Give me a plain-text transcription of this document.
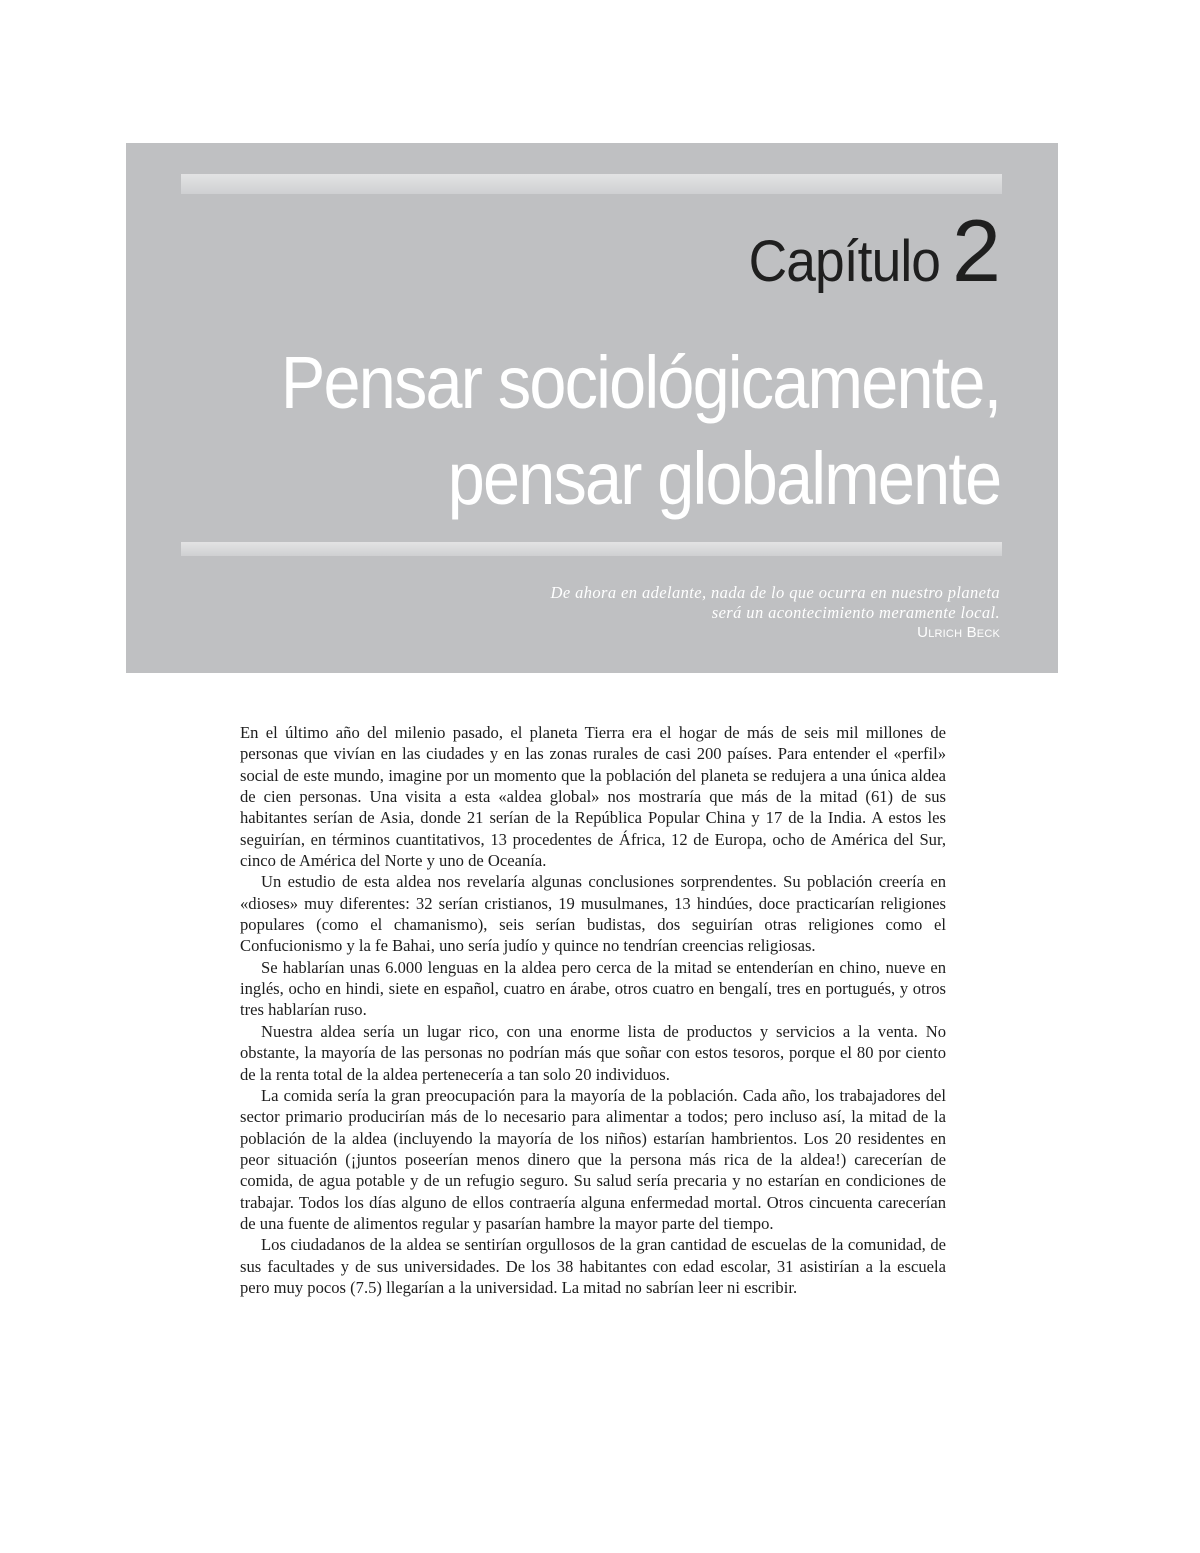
Capítulo 2
Pensar sociológicamente,
pensar globalmente
De ahora en adelante, nada de lo que ocurra en nuestro planeta
será un acontecimiento meramente local.
Ulrich Beck

En el último año del milenio pasado, el planeta Tierra era el hogar de más de seis mil millones de personas que vivían en las ciudades y en las zonas rurales de casi 200 países. Para entender el «perfil» social de este mundo, imagine por un momento que la población del planeta se redujera a una única aldea de cien personas. Una visita a esta «aldea global» nos mostraría que más de la mitad (61) de sus habitantes serían de Asia, donde 21 serían de la República Popular China y 17 de la India. A estos les seguirían, en términos cuantitativos, 13 procedentes de África, 12 de Europa, ocho de América del Sur, cinco de América del Norte y uno de Oceanía.

Un estudio de esta aldea nos revelaría algunas conclusiones sorprendentes. Su población creería en «dioses» muy diferentes: 32 serían cristianos, 19 musulmanes, 13 hindúes, doce practicarían religiones populares (como el chamanismo), seis serían budistas, dos seguirían otras religiones como el Confucionismo y la fe Bahai, uno sería judío y quince no tendrían creencias religiosas.

Se hablarían unas 6.000 lenguas en la aldea pero cerca de la mitad se entenderían en chino, nueve en inglés, ocho en hindi, siete en español, cuatro en árabe, otros cuatro en bengalí, tres en portugués, y otros tres hablarían ruso.

Nuestra aldea sería un lugar rico, con una enorme lista de productos y servicios a la venta. No obstante, la mayoría de las personas no podrían más que soñar con estos tesoros, porque el 80 por ciento de la renta total de la aldea pertenecería a tan solo 20 individuos.

La comida sería la gran preocupación para la mayoría de la población. Cada año, los trabajadores del sector primario producirían más de lo necesario para alimentar a todos; pero incluso así, la mitad de la población de la aldea (incluyendo la mayoría de los niños) estarían hambrientos. Los 20 residentes en peor situación (¡juntos poseerían menos dinero que la persona más rica de la aldea!) carecerían de comida, de agua potable y de un refugio seguro. Su salud sería precaria y no estarían en condiciones de trabajar. Todos los días alguno de ellos contraería alguna enfermedad mortal. Otros cincuenta carecerían de una fuente de alimentos regular y pasarían hambre la mayor parte del tiempo.

Los ciudadanos de la aldea se sentirían orgullosos de la gran cantidad de escuelas de la comunidad, de sus facultades y de sus universidades. De los 38 habitantes con edad escolar, 31 asistirían a la escuela pero muy pocos (7.5) llegarían a la universidad. La mitad no sabrían leer ni escribir.
